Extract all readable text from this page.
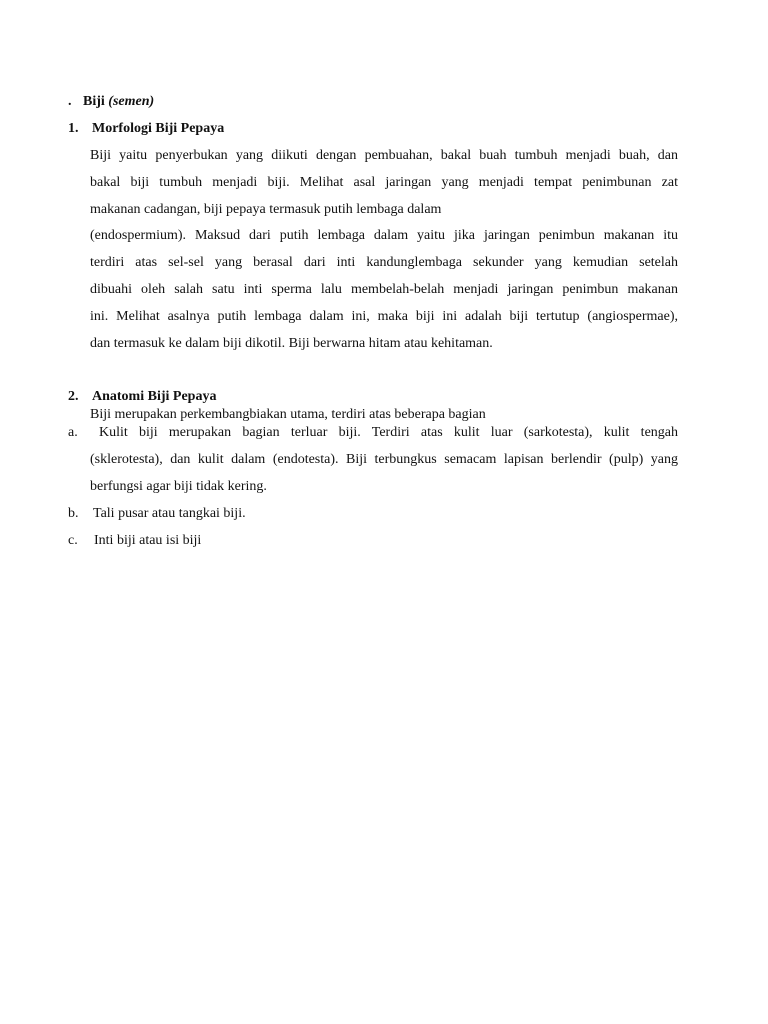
. Biji (semen)
1. Morfologi Biji Pepaya
Biji yaitu penyerbukan yang diikuti dengan pembuahan, bakal buah tumbuh menjadi buah, dan
bakal biji tumbuh menjadi biji. Melihat asal jaringan yang menjadi tempat penimbunan zat
makanan cadangan, biji pepaya termasuk putih lembaga dalam
(endospermium). Maksud dari putih lembaga dalam yaitu jika jaringan penimbun makanan itu
terdiri atas sel-sel yang berasal dari inti kandunglembaga sekunder yang kemudian setelah
dibuahi oleh salah satu inti sperma lalu membelah-belah menjadi jaringan penimbun makanan
ini. Melihat asalnya putih lembaga dalam ini, maka biji ini adalah biji tertutup (angiospermae),
dan termasuk ke dalam biji dikotil. Biji berwarna hitam atau kehitaman.
2. Anatomi Biji Pepaya
Biji merupakan perkembangbiakan utama, terdiri atas beberapa bagian
a. Kulit biji merupakan bagian terluar biji. Terdiri atas kulit luar (sarkotesta), kulit tengah
(sklerotesta), dan kulit dalam (endotesta). Biji terbungkus semacam lapisan berlendir (pulp) yang
berfungsi agar biji tidak kering.
b. Tali pusar atau tangkai biji.
c. Inti biji atau isi biji
